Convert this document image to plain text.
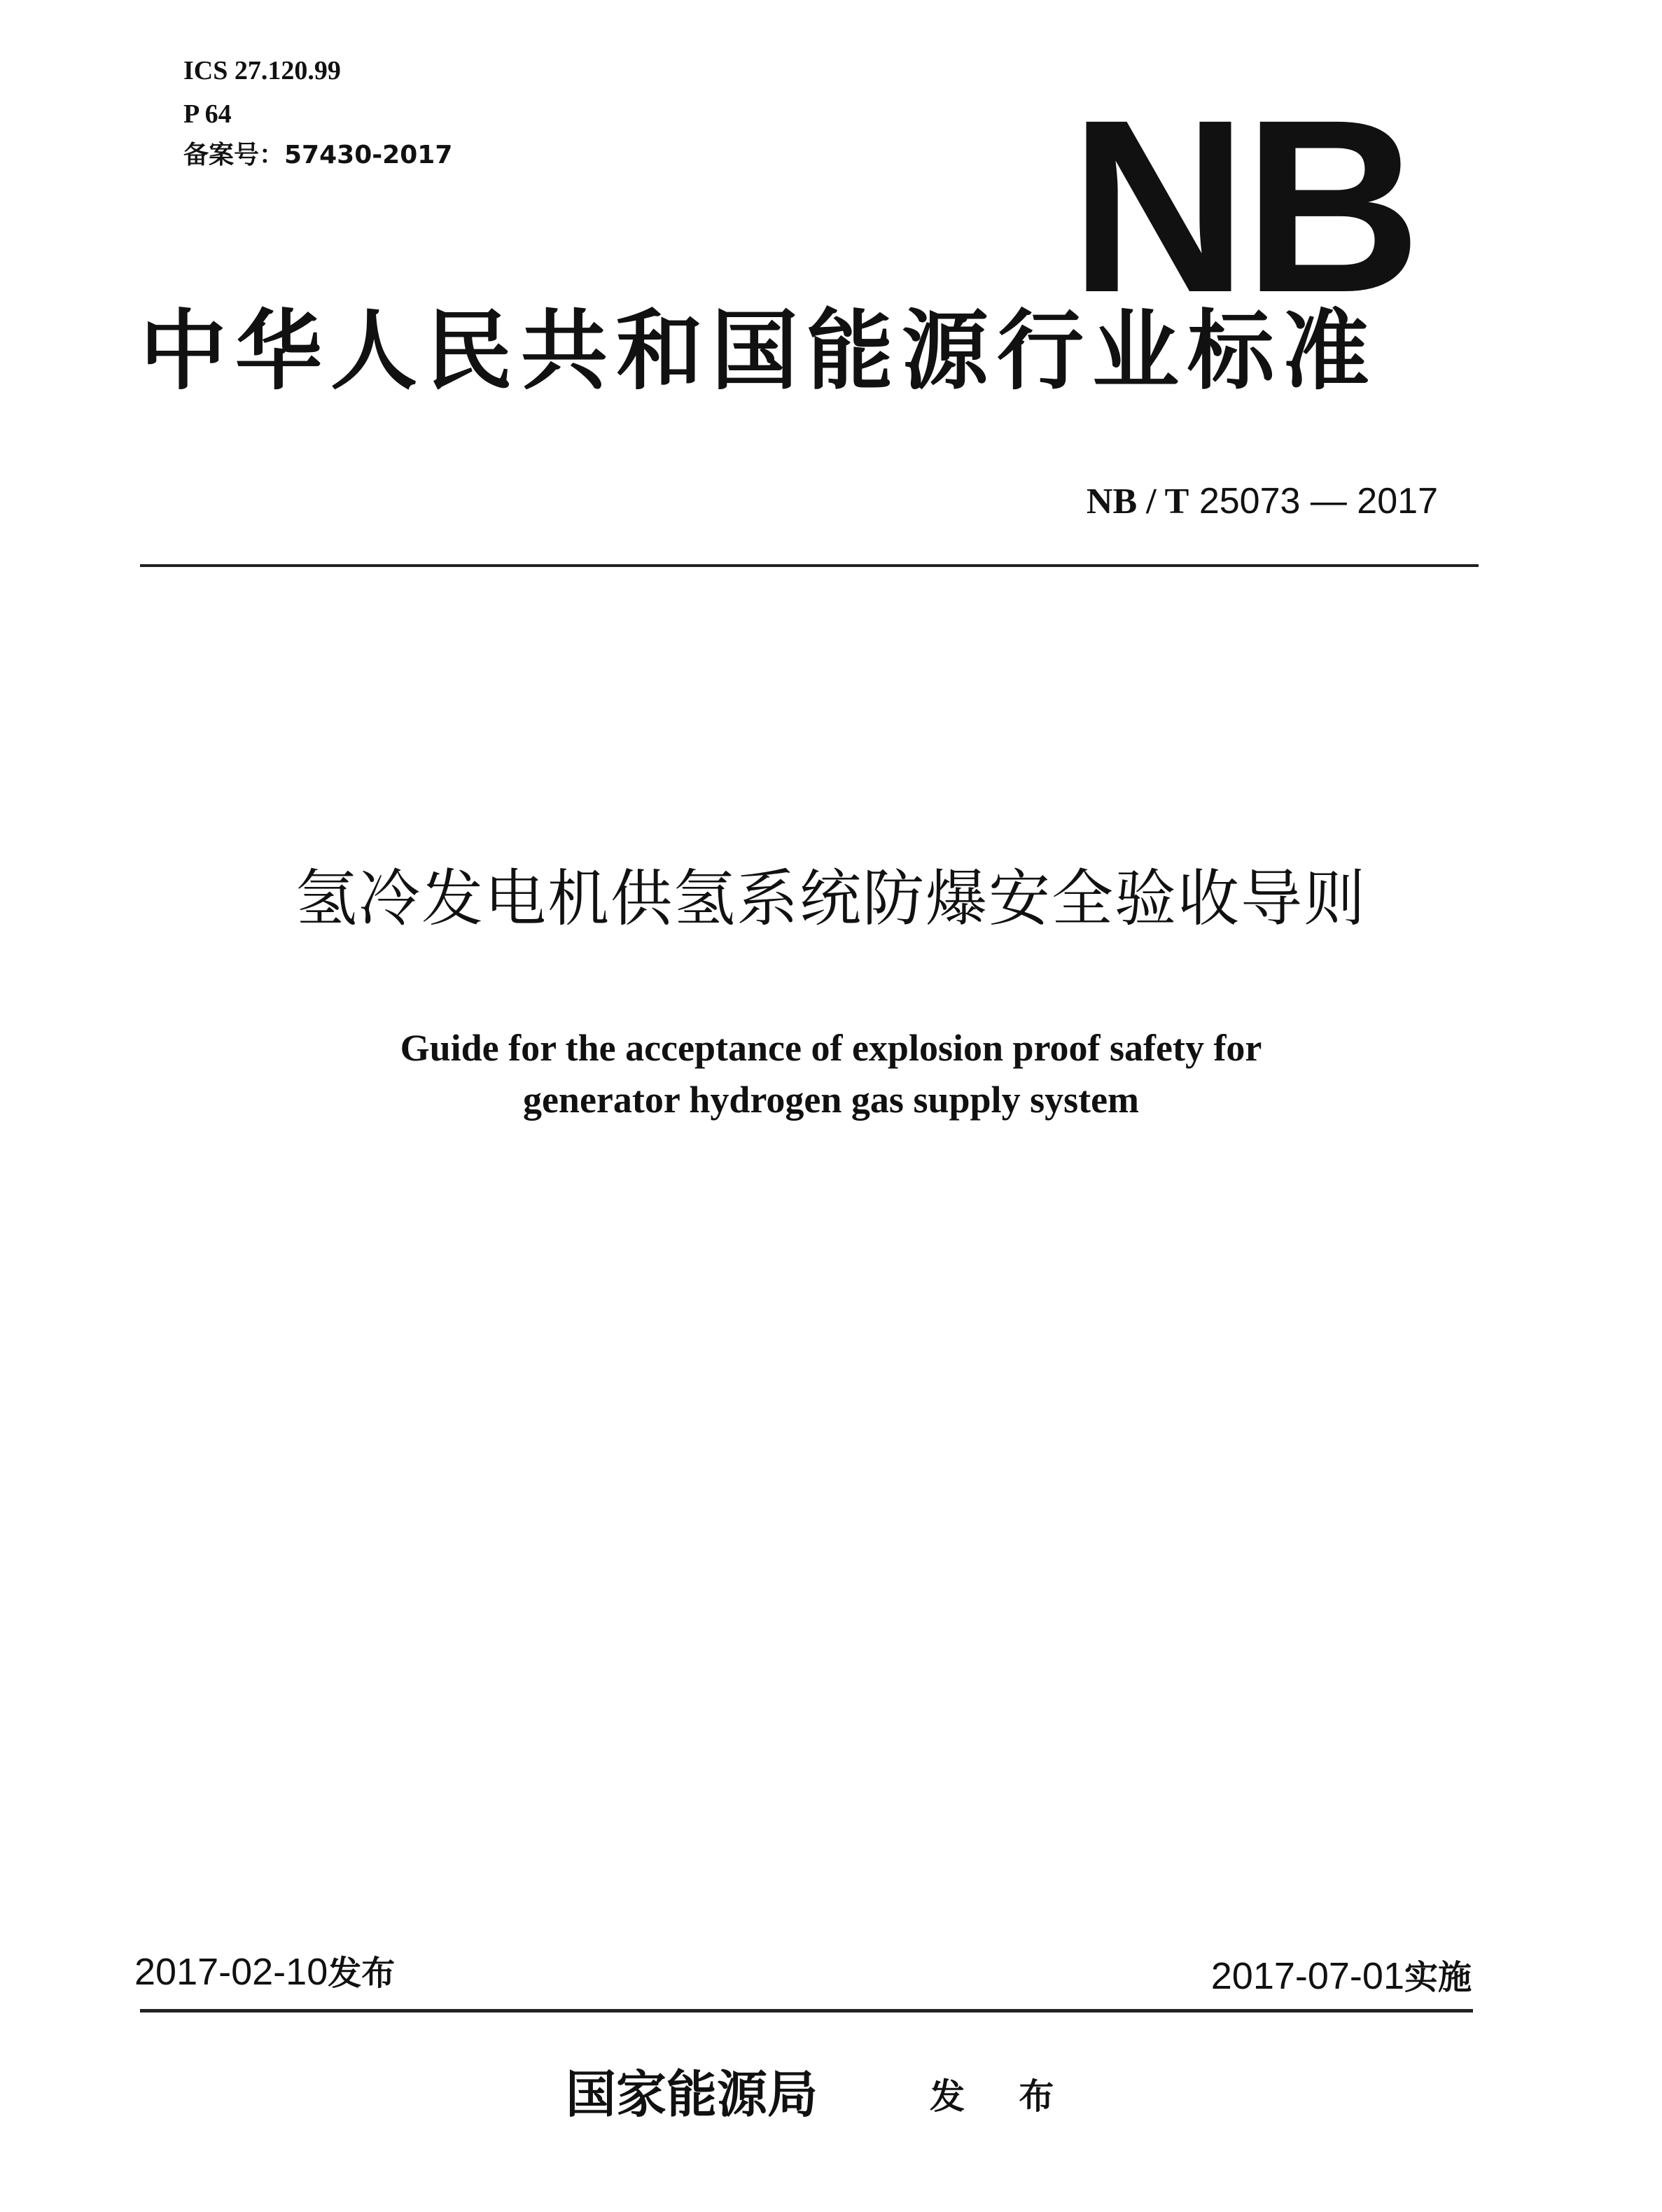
ICS 27.120.99
P 64
备案号：57430-2017	NB
中华人民共和国能源行业标准
NB / T 25073 — 2017
氢冷发电机供氢系统防爆安全验收导则
Guide for the acceptance of explosion proof safety for
generator hydrogen gas supply system
2017-02-10发布	2017-07-01实施
国家能源局	发 布
